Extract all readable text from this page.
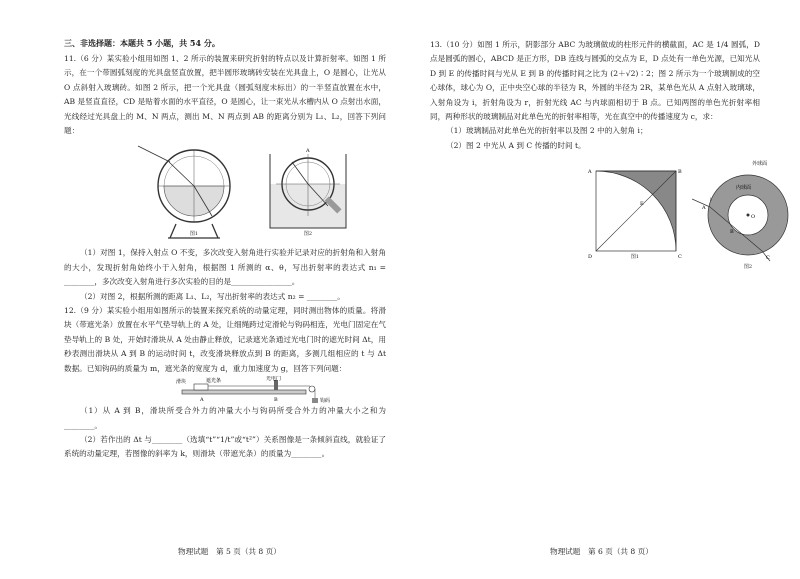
三、非选择题：本题共 5 小题，共 54 分。

11.（6 分）某实验小组用如图 1、2 所示的装置来研究折射的特点以及计算折射率。如图 1 所示，在一个带圆弧刻度的光具盘竖直放置，把半圆形玻璃砖安装在光具盘上，O 是圆心，让光从 O 点斜射入玻璃砖。如图 2 所示，把一个光具盘（圆弧刻度未标出）的一半竖直放置在水中，AB 是竖直直径，CD 是贴着水面的水平直径，O 是圆心，让一束光从水槽内从 O 点射出水面，光线经过光具盘上的 M、N 两点，测出 M、N 两点到 AB 的距离分别为 L₁、L₂，回答下列问题：

图1
A
图2

（1）对图 1，保持入射点 O 不变，多次改变入射角进行实验并记录对应的折射角和入射角的大小，发现折射角始终小于入射角，根据图 1 所测的 α、θ，写出折射率的表达式 n₁ = ________，多次改变入射角进行多次实验的目的是________________。

（2）对图 2，根据所测的距离 L₁、L₂，写出折射率的表达式 n₂ = ________。

12.（9 分）某实验小组用如图所示的装置来探究系统的动量定理，同时测出物体的质量。将滑块（带遮光条）放置在水平气垫导轨上的 A 处，让细绳跨过定滑轮与钩码相连，光电门固定在气垫导轨上的 B 处，开始时滑块从 A 处由静止释放，记录遮光条通过光电门时的遮光时间 Δt，用秒表测出滑块从 A 到 B 的运动时间 t，改变滑块释放点到 B 的距离，多测几组相应的 t 与 Δt 数据。已知钩码的质量为 m，遮光条的宽度为 d，重力加速度为 g，回答下列问题：

滑块	遮光条	光电门
钩码
A	B

（1）从 A 到 B，滑块所受合外力的冲量大小与钩码所受合外力的冲量大小之和为________。

（2）若作出的 Δt 与________（选填“t”“1/t”或“t²”）关系图像是一条倾斜直线，就验证了系统的动量定理，若图像的斜率为 k，则滑块（带遮光条）的质量为________。

物理试题　第 5 页（共 8 页）

13.（10 分）如图 1 所示，阴影部分 ABC 为玻璃做成的柱形元件的横截面，AC 是 1/4 圆弧，D 点是圆弧的圆心，ABCD 是正方形，DB 连线与圆弧的交点为 E，D 点处有一单色光源，已知光从 D 到 E 的传播时间与光从 E 到 B 的传播时间之比为 (2＋√2)∶2；图 2 所示为一个玻璃制成的空心球体，球心为 O，正中央空心球的半径为 R，外圆的半径为 2R，某单色光从 A 点射入玻璃球，入射角设为 i，折射角设为 r，折射光线 AC 与内球面相切于 B 点。已知两图的单色光折射率相同，两种形状的玻璃制品对此单色光的折射率相等，光在真空中的传播速度为 c，求：

（1）玻璃制品对此单色光的折射率以及图 2 中的入射角 i；

（2）图 2 中光从 A 到 C 传播的时间 t。

A	B
C
D
E
图1
外球面
内球面
O
A
B
C
i
图2
物理试题　第 6 页（共 8 页）
